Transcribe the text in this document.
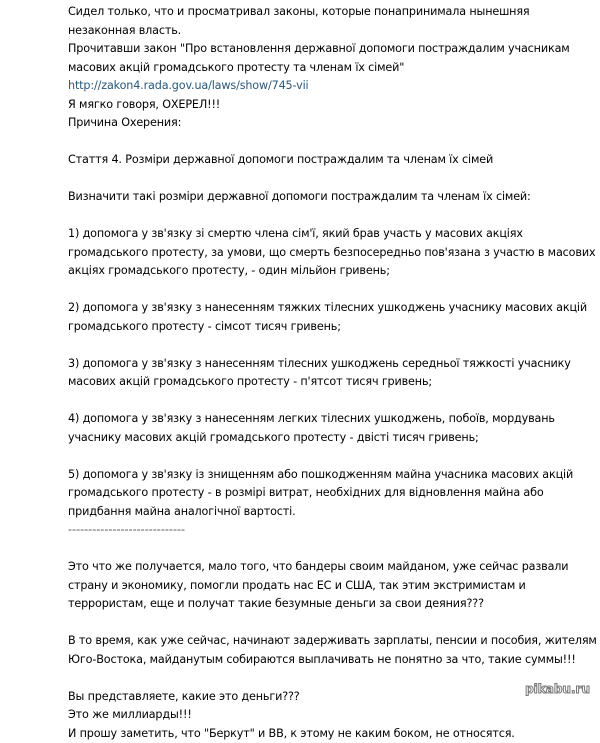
Сидел только, что и просматривал законы, которые понапринимала нынешняя
незаконная власть.
Прочитавши закон "Про встановлення державної допомоги постраждалим учасникам
масових акцій громадського протесту та членам їх сімей"
http://zakon4.rada.gov.ua/laws/show/745-vii
Я мягко говоря, ОХЕРЕЛ!!!
Причина Охерения:
Стаття 4. Розміри державної допомоги постраждалим та членам їх сімей
Визначити такі розміри державної допомоги постраждалим та членам їх сімей:
1) допомога у зв'язку зі смертю члена сім'ї, який брав участь у масових акціях
громадського протесту, за умови, що смерть безпосередньо пов'язана з участю в масових
акціях громадського протесту, - один мільйон гривень;
2) допомога у зв'язку з нанесенням тяжких тілесних ушкоджень учаснику масових акцій
громадського протесту - сімсот тисяч гривень;
3) допомога у зв'язку з нанесенням тілесних ушкоджень середньої тяжкості учаснику
масових акцій громадського протесту - п'ятсот тисяч гривень;
4) допомога у зв'язку з нанесенням легких тілесних ушкоджень, побоїв, мордувань
учаснику масових акцій громадського протесту - двісті тисяч гривень;
5) допомога у зв'язку із знищенням або пошкодженням майна учасника масових акцій
громадського протесту - в розмірі витрат, необхідних для відновлення майна або
придбання майна аналогічної вартості.
-----------------------------
Это что же получается, мало того, что бандеры своим майданом, уже сейчас развали
страну и экономику, помогли продать нас ЕС и США, так этим экстримистам и
террористам, еще и получат такие безумные деньги за свои деяния???
В то время, как уже сейчас, начинают задерживать зарплаты, пенсии и пособия, жителям
Юго-Востока, майданутым собираются выплачивать не понятно за что, такие суммы!!!
Вы представляете, какие это деньги???
Это же миллиарды!!!
И прошу заметить, что "Беркут" и ВВ, к этому не каким боком, не относятся.
pikabu.ru
